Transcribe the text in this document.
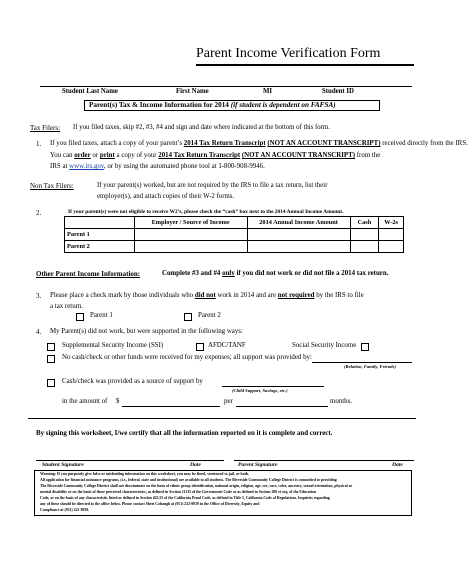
Parent Income Verification Form
Student Last Name	First Name	MI	Student ID
Parent(s) Tax & Income Information for 2014 (if student is dependent on FAFSA)
Tax Filers: If you filed taxes, skip #2, #3, #4 and sign and date where indicated at the bottom of this form.
1. If you filed taxes, attach a copy of your parent’s 2014 Tax Return Transcript (NOT AN ACCOUNT TRANSCRIPT) received directly from the IRS.
You can order or print a copy of your 2014 Tax Return Transcript (NOT AN ACCOUNT TRANSCRIPT) from the
IRS at www.irs.gov, or by using the automated phone tool at 1-800-908-9946.
Non Tax Filers:	If your parent(s) worked, but are not required by the IRS to file a tax return, list their
employer(s), and attach copies of their W-2 forms.
2.	If your parent(s) were not eligible to receive W2’s, please check the “cash” box next to the 2014 Annual Income Amount.
	Employer / Source of Income	2014 Annual Income Amount	Cash	W-2s
Parent 1				
Parent 2				
Other Parent Income Information:	Complete #3 and #4 only if you did not work or did not file a 2014 tax return.
3. Please place a check mark by those individuals who did not work in 2014 and are not required by the IRS to file
a tax return.
Parent 1	Parent 2
4. My Parent(s) did not work, but were supported in the following ways:
Supplemental Security Income (SSI)	AFDC/TANF	Social Security Income
No cash/check or other funds were received for my expenses; all support was provided by:
(Relation, Family, Friends)
Cash/check was provided as a source of support by
(Child Support, Savings, etc.)
in the amount of $	per	months.
By signing this worksheet, I/we certify that all the information reported on it is complete and correct.
Student Signature	Date	Parent Signature	Date
Warning: If you purposely give false or misleading information on this worksheet, you may be fined, sentenced to jail, or both.
All application for financial assistance programs, (i.e., federal, state and institutional) are available to all students. The Riverside Community College District is committed to providing
The Riverside Community College District shall not discriminate on the basis of ethnic group identification, national origin, religion, age, sex, race, color, ancestry, sexual orientation, physical or
mental disability or on the basis of these perceived characteristics, as defined in Section 11135 of the Government Code or as defined in Section 200 et seq. of the Education
Code, or on the basis of any characteristic listed or defined in Section 422.55 of the California Penal Code, as defined in Title 5, California Code of Regulations. Inquiries regarding
any of these should be directed to the office below. Please contact Sheri Cobaugh at (951) 222-8039 in the Office of Diversity, Equity and
Compliance at (951) 222-8039.
